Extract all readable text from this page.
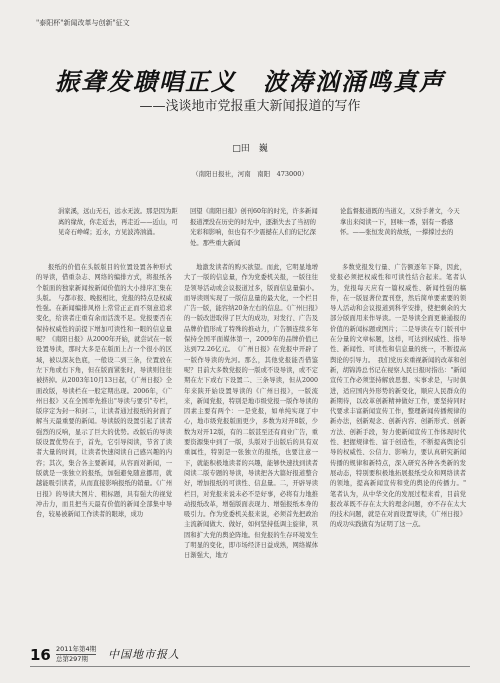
"泰阳杯"新闻改革与创新"征文
振聋发聩唱正义　波涛汹涌鸣真声
——浅谈地市党报重大新闻报道的写作
□田　巍
（南阳日报社，河南　南阳　473000）
涓家溪，远山无石，远水无波。那是因为距离的缘故，你走近去，再走近——近山，可见奇石峥嵘；近水，方见波涛汹涌。
回望《南阳日报》创刊60年的时光，许多新闻报道湮没在历史的时光中，逐渐失去了当初的光彩和影响，但也有不少震撼在人们的记忆深处。那些重大新闻
论监督报道既的当道义，又纷手著文，今天拿出来阅读一下，回味一番，别有一番感怀。——张恒发黄的故纸，一撑撑过去的

报纸的价值在头版版目的位置设置各种形式的导读，借重杂志、网络的编排方式，将报纸各个版面的独家新闻按新闻价值的大小排序汇集在头版。　与都市报、晚报相比，党报的特点是权威性强。在新闻编排风格上常常正正而不刻意追求变化，给读者庄重有余而活泼不足。党报要否在保持权威性的前提下增加可读性和一眼的信息量呢？《南阳日报》从2000年开始，就尝试在一版设置导读，那时大多是在版面上占一个很小的区域，被以深灰色底，一般设二到三条，位置放在左下角或右下角，但在版面紧张时，导读则往往被挤掉。从2003年10月13日起，《广州日报》全面改版，导读栏在一般定期出现。2006年，《广州日报》又在全国率先推出"导读与要引"专栏，版序定为封一和封二，让读者通过报纸的封面了解当天最重要的新闻。导读版的设置引起了读者强烈的反响，显示了巨大的优势。改版后的导读版设置优势在于，首先，它引导阅读，节省了读者大量的时间，让读者快速阅读自己感兴趣的内容；其次，集合各主要新闻，从容面对新闻，一版就是一张独立的报纸，加强避免随意挪用，就越能吸引读者，从而直接影响报纸的销量。《广州日报》的导读大图片、粗标题，具有强大的视觉冲击力，而且把当天最有价值的新闻全部集中导台，较易被新闻工作读者的眼球，成功

地激发读者的购买欲望。而此，它明显地增大了一版的信息量，作为党委机关报，一版往往是领导活动或会议报道过多，版面信息量偏小。而导读则实现了一版信息量的最大化，一个栏目广告一版，能容纳20条左右的信息。《广州日报》的一版改进取得了巨大的成功，对发行、广告及品牌价值形成了特殊的推动力，广告额连续多年保持全国平面媒体第一，2009年的品牌价值已达到72.26亿元。　《广州日报》在党报中开辟了一版作导读的先河。那么，其他党报能否借鉴呢？目前大多数党报的一版或不设导读，或不定期在左下或右下设置二、三条导读，但从2000年来陕开始设置导读的《广州日报》，一版流来，新闻党报，特别是地市级党报一版作导读的因素主要有两个：一是党报，如单纯实现了中心，地市级党报版面更少，多数为对开8版，少数为对开12版，有的二版甚至还有商业广告，重要资源集中到了一版，头版对于出版后的具有双重属性，特别是一张独立的报纸，也要注意一下，就能积极地读者的兴趣，能够快速找到读者阅读二版专题的导读，导读把各大篇好报道整合好，增加报纸的可读性、信息量。二，开辟导读栏目，对党报来说未必不是好事，必将有力地推动报纸改革，增强版面表现力、增强报纸本身的吸引力。作为党委机关报来说，必须首先把政治主流新闻做大、做好，如何坚持低调主旋律，巩固和扩大党的舆论阵地。但党报的生存环境发生了明显的变化，即市场经济日益成熟，网络媒体日渐强大，地方

多数党报发行量、广告额逐年下降，因此，党报必须把权威性和可读性结合起来。笔者认为，党报每天应有一篇权威性、新闻性强的稿件，在一版显著位置刊登，然后简单要素要的领导人活动和会议报道到科学安排，使把剩余的大部分版面用来作导读。一是导读全面更兼通报的价值的新闻标题或图片；二是导读在专门版刊中在分量的文章标题，这样，可达到权威性、指导性、新闻性、可读性和信息量的统一，不断提高舆论的引导力。　我们党历来重视新闻的改革和创新，胡锦涛总书记在视察人民日报时指出："新闻宣传工作必须坚持解放思想、实事求是，与时俱进，适应国内外形势的新变化，顺应人民群众的新期待，以改革创新精神做好工作，要坚持同时代要求丰富新闻宣传工作，整理新闻传播规律的新办法，创新观念、创新内容、创新形式、创新方法、创新手段，努力使新闻宣传工作体现时代性、把握规律性、富于创造性，不断提高舆论引导的权威性、公信力、影响力，要认真研究新闻传播的规律和新特点，深入研究各种各类新的发展动态，特别要积极地拓展报纸受众和网络读者的领地，提高新闻宣传和党的舆论的传播力。"　笔者认为，从中华文化的发展过程来看，目前党报改革既不存在太大的理念问题，亦不存在太大的技术问题，就是在对面设置导读，《广州日报》的成功实践做有为证明了这一点。

16 2011年第4期
总第297期	中国地市报人
